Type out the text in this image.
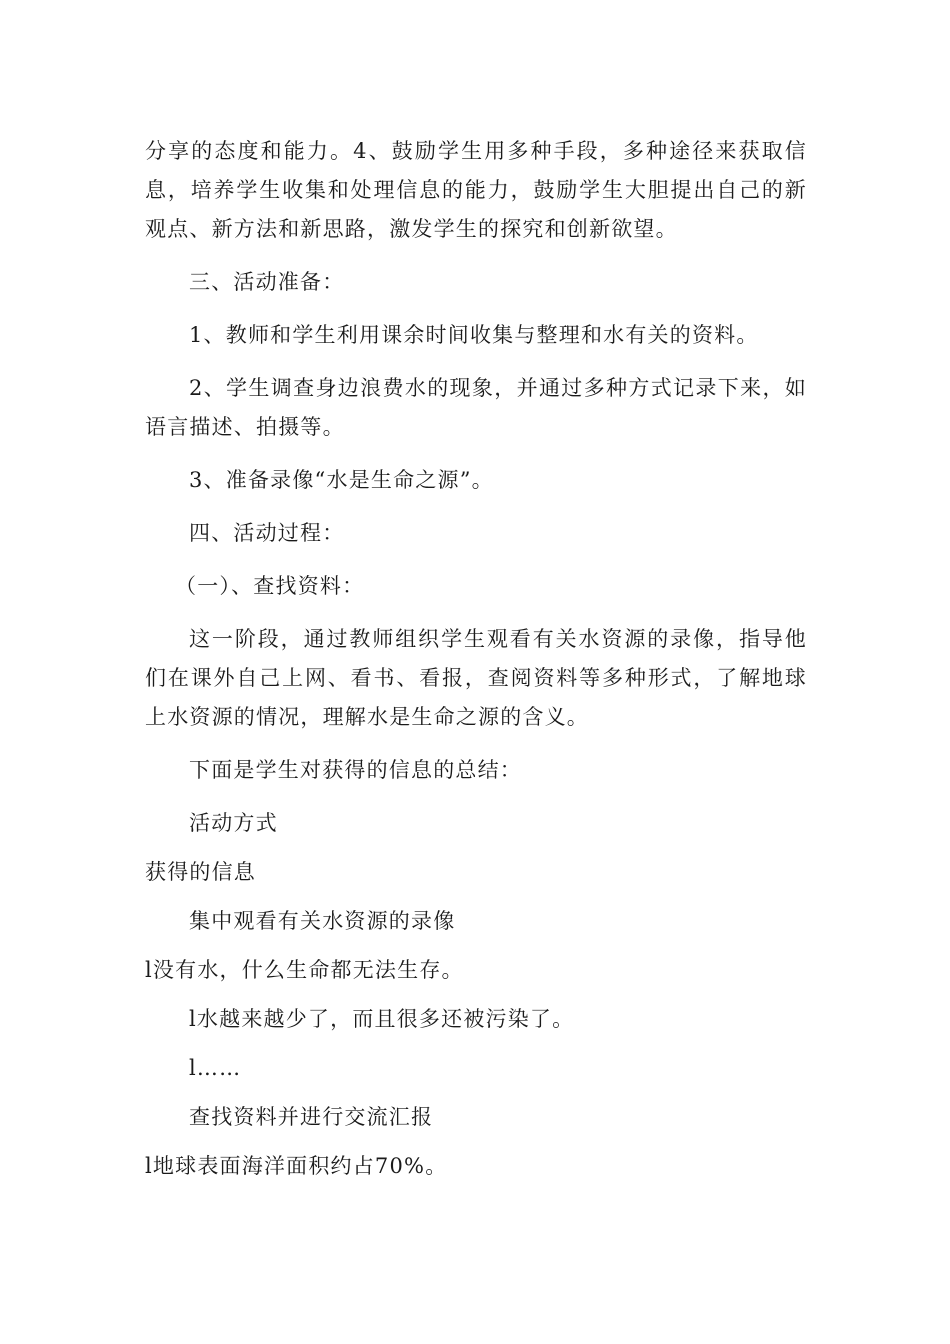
分享的态度和能力。4、鼓励学生用多种手段，多种途径来获取信息，培养学生收集和处理信息的能力，鼓励学生大胆提出自己的新观点、新方法和新思路，激发学生的探究和创新欲望。

三、活动准备：

1、教师和学生利用课余时间收集与整理和水有关的资料。

2、学生调查身边浪费水的现象，并通过多种方式记录下来，如语言描述、拍摄等。

3、准备录像“水是生命之源”。

四、活动过程：

（一）、查找资料：

这一阶段，通过教师组织学生观看有关水资源的录像，指导他们在课外自己上网、看书、看报，查阅资料等多种形式，了解地球上水资源的情况，理解水是生命之源的含义。

下面是学生对获得的信息的总结：

活动方式

获得的信息

集中观看有关水资源的录像

l没有水，什么生命都无法生存。

l水越来越少了，而且很多还被污染了。

l……

查找资料并进行交流汇报

l地球表面海洋面积约占70%。
